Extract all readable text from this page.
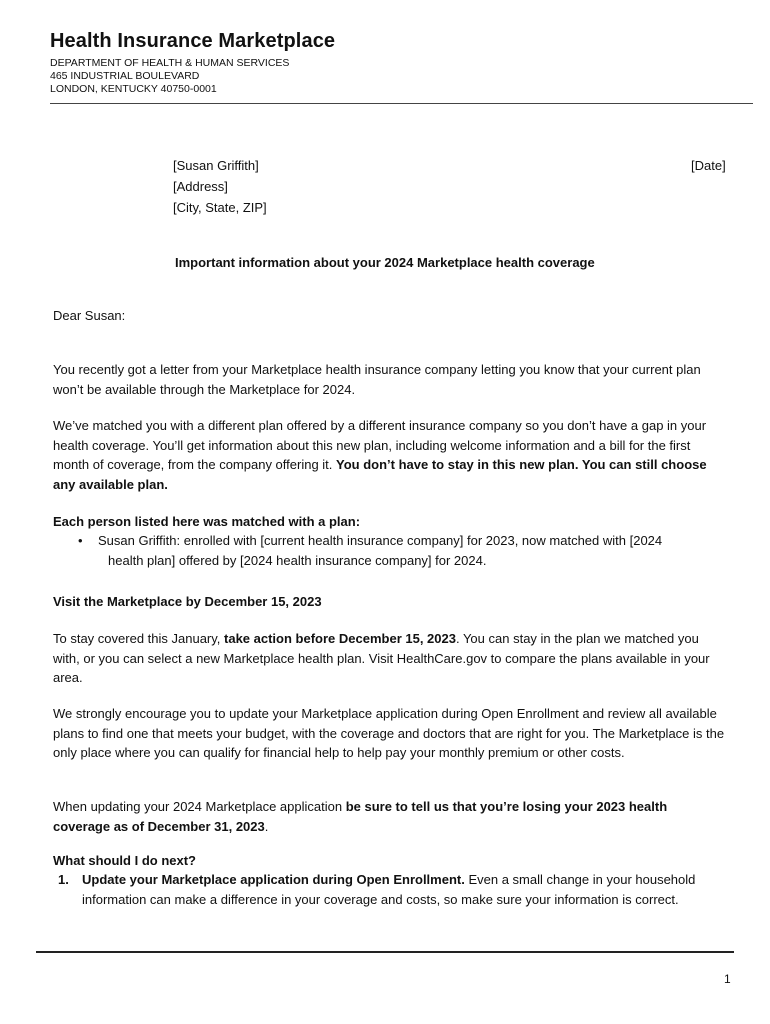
Health Insurance Marketplace
DEPARTMENT OF HEALTH & HUMAN SERVICES
465 INDUSTRIAL BOULEVARD
LONDON, KENTUCKY 40750-0001
[Susan Griffith]
[Address]
[City, State, ZIP]
[Date]
Important information about your 2024 Marketplace health coverage
Dear Susan:
You recently got a letter from your Marketplace health insurance company letting you know that your current plan won’t be available through the Marketplace for 2024.
We’ve matched you with a different plan offered by a different insurance company so you don’t have a gap in your health coverage. You’ll get information about this new plan, including welcome information and a bill for the first month of coverage, from the company offering it. You don’t have to stay in this new plan. You can still choose any available plan.
Each person listed here was matched with a plan:
• Susan Griffith: enrolled with [current health insurance company] for 2023, now matched with [2024
health plan] offered by [2024 health insurance company] for 2024.
Visit the Marketplace by December 15, 2023
To stay covered this January, take action before December 15, 2023. You can stay in the plan we matched you with, or you can select a new Marketplace health plan. Visit HealthCare.gov to compare the plans available in your area.
We strongly encourage you to update your Marketplace application during Open Enrollment and review all available plans to find one that meets your budget, with the coverage and doctors that are right for you. The Marketplace is the only place where you can qualify for financial help to help pay your monthly premium or other costs.
When updating your 2024 Marketplace application be sure to tell us that you’re losing your 2023 health coverage as of December 31, 2023.
What should I do next?
1. Update your Marketplace application during Open Enrollment. Even a small change in your household information can make a difference in your coverage and costs, so make sure your information is correct.
1
